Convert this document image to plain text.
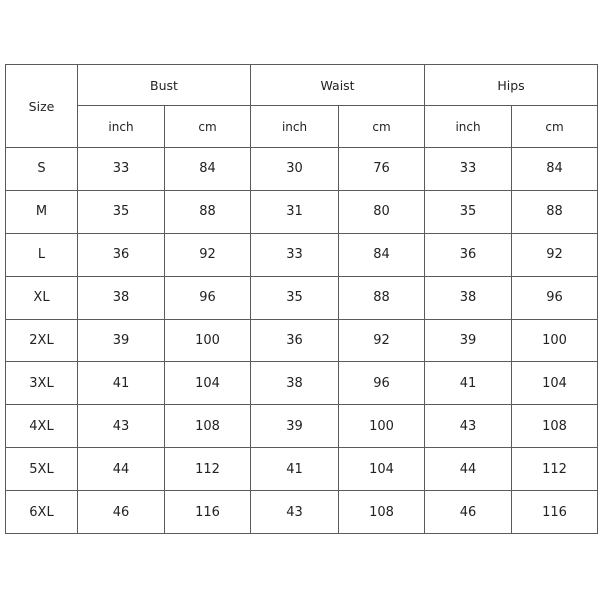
Size	Bust		Waist		Hips	
	inch	cm	inch	cm	inch	cm
S	33	84	30	76	33	84
M	35	88	31	80	35	88
L	36	92	33	84	36	92
XL	38	96	35	88	38	96
2XL	39	100	36	92	39	100
3XL	41	104	38	96	41	104
4XL	43	108	39	100	43	108
5XL	44	112	41	104	44	112
6XL	46	116	43	108	46	116
